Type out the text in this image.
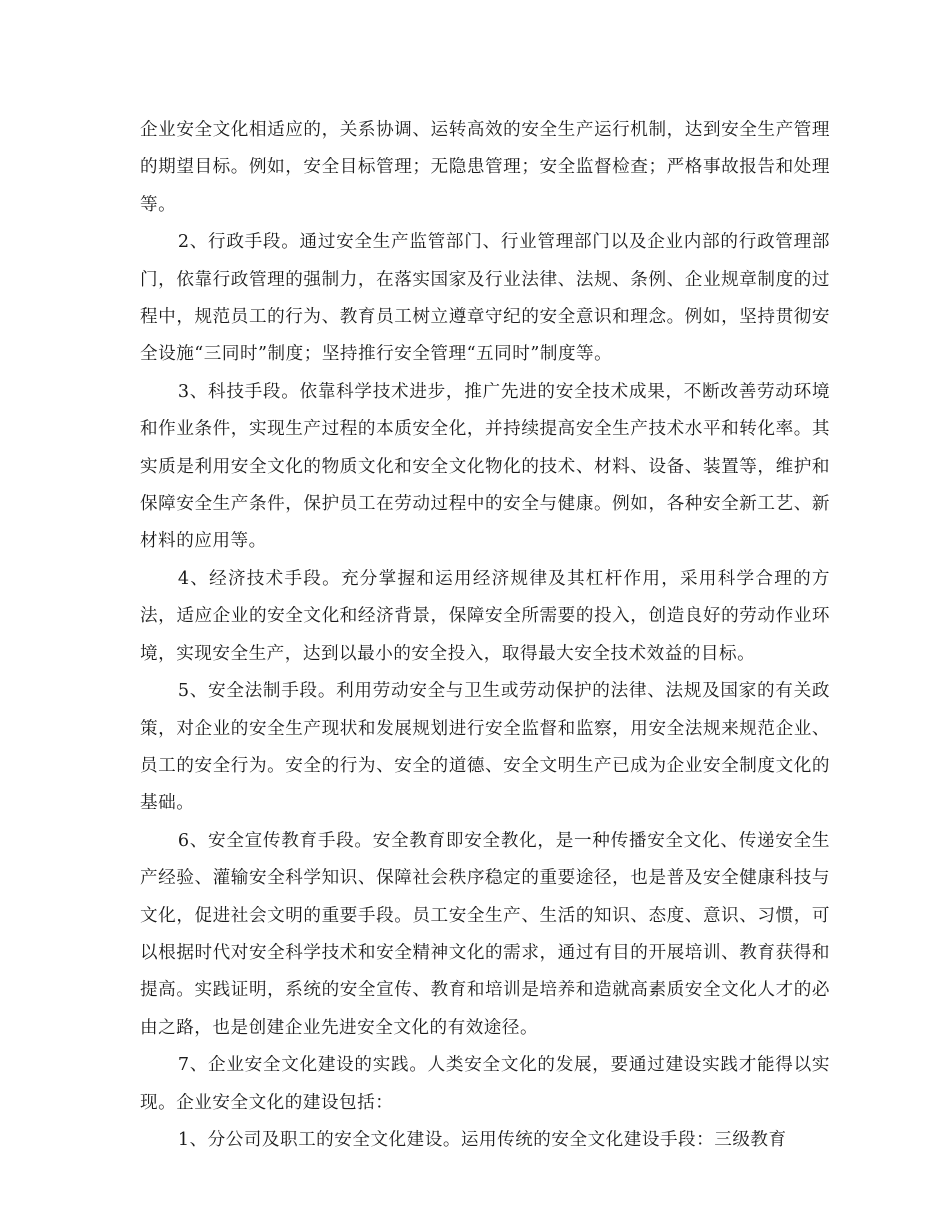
企业安全文化相适应的，关系协调、运转高效的安全生产运行机制，达到安全生产管理的期望目标。例如，安全目标管理；无隐患管理；安全监督检查；严格事故报告和处理等。

2、行政手段。通过安全生产监管部门、行业管理部门以及企业内部的行政管理部门，依靠行政管理的强制力，在落实国家及行业法律、法规、条例、企业规章制度的过程中，规范员工的行为、教育员工树立遵章守纪的安全意识和理念。例如，坚持贯彻安全设施“三同时”制度；坚持推行安全管理“五同时”制度等。

3、科技手段。依靠科学技术进步，推广先进的安全技术成果，不断改善劳动环境和作业条件，实现生产过程的本质安全化，并持续提高安全生产技术水平和转化率。其实质是利用安全文化的物质文化和安全文化物化的技术、材料、设备、装置等，维护和保障安全生产条件，保护员工在劳动过程中的安全与健康。例如，各种安全新工艺、新材料的应用等。

4、经济技术手段。充分掌握和运用经济规律及其杠杆作用，采用科学合理的方法，适应企业的安全文化和经济背景，保障安全所需要的投入，创造良好的劳动作业环境，实现安全生产，达到以最小的安全投入，取得最大安全技术效益的目标。

5、安全法制手段。利用劳动安全与卫生或劳动保护的法律、法规及国家的有关政策，对企业的安全生产现状和发展规划进行安全监督和监察，用安全法规来规范企业、员工的安全行为。安全的行为、安全的道德、安全文明生产已成为企业安全制度文化的基础。

6、安全宣传教育手段。安全教育即安全教化，是一种传播安全文化、传递安全生产经验、灌输安全科学知识、保障社会秩序稳定的重要途径，也是普及安全健康科技与文化，促进社会文明的重要手段。员工安全生产、生活的知识、态度、意识、习惯，可以根据时代对安全科学技术和安全精神文化的需求，通过有目的开展培训、教育获得和提高。实践证明，系统的安全宣传、教育和培训是培养和造就高素质安全文化人才的必由之路，也是创建企业先进安全文化的有效途径。

7、企业安全文化建设的实践。人类安全文化的发展，要通过建设实践才能得以实现。企业安全文化的建设包括：

1、分公司及职工的安全文化建设。运用传统的安全文化建设手段：三级教育
